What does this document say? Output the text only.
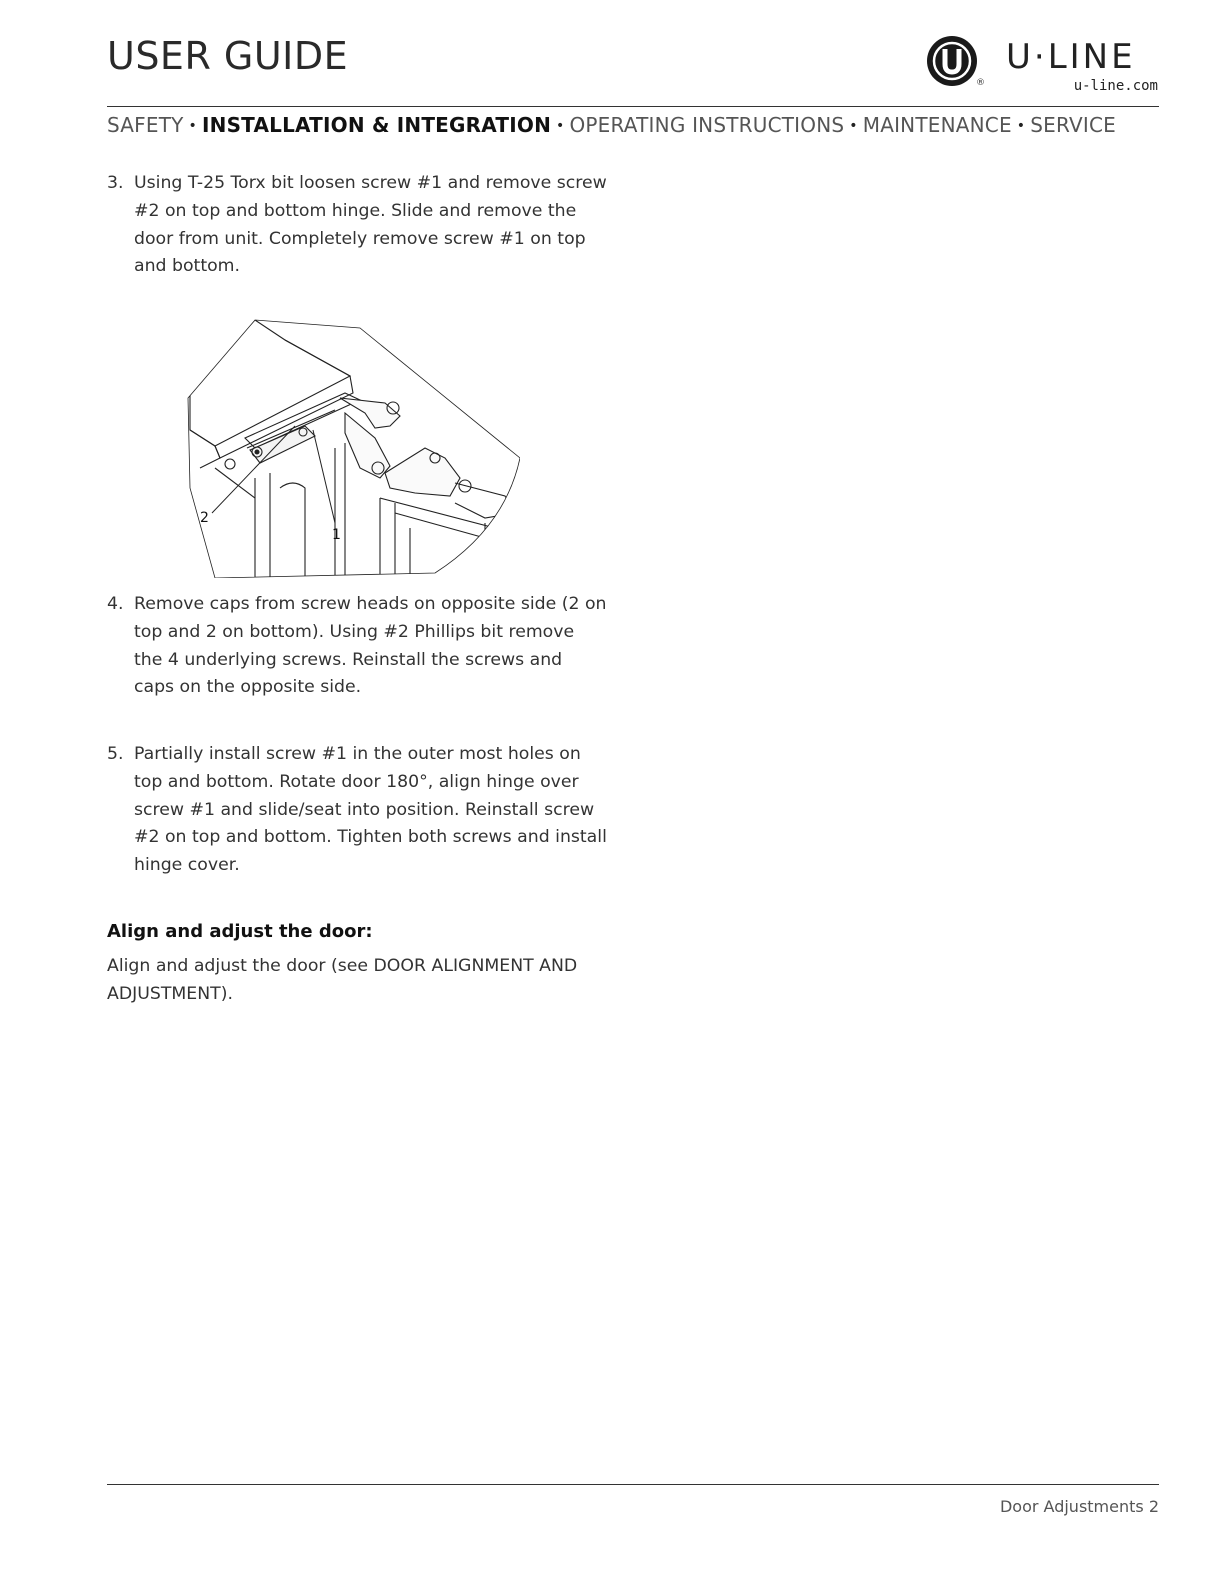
USER GUIDE
®
U·LINE
u-line.com
SAFETY • INSTALLATION & INTEGRATION • OPERATING INSTRUCTIONS • MAINTENANCE • SERVICE
3. Using T-25 Torx bit loosen screw #1 and remove screw #2 on top and bottom hinge. Slide and remove the door from unit. Completely remove screw #1 on top and bottom.
2
1
4. Remove caps from screw heads on opposite side (2 on top and 2 on bottom). Using #2 Phillips bit remove the 4 underlying screws. Reinstall the screws and caps on the opposite side.
5. Partially install screw #1 in the outer most holes on top and bottom. Rotate door 180°, align hinge over screw #1 and slide/seat into position. Reinstall screw #2 on top and bottom. Tighten both screws and install hinge cover.
Align and adjust the door:
Align and adjust the door (see DOOR ALIGNMENT AND ADJUSTMENT).
Door Adjustments 2
